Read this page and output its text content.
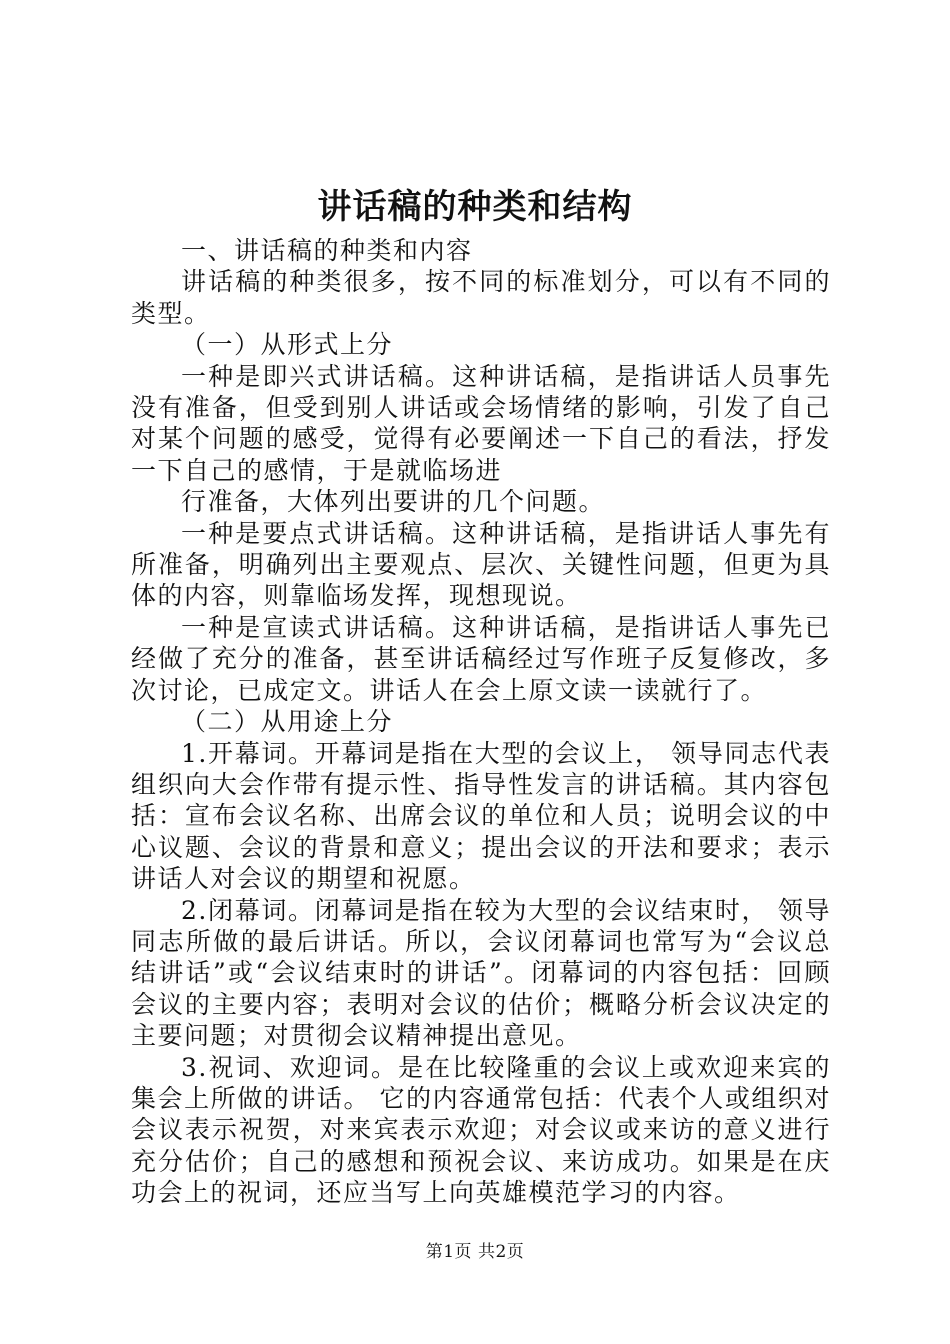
讲话稿的种类和结构

一、讲话稿的种类和内容

讲话稿的种类很多，按不同的标准划分，可以有不同的类型。

（一）从形式上分

一种是即兴式讲话稿。这种讲话稿，是指讲话人员事先没有准备，但受到别人讲话或会场情绪的影响，引发了自己对某个问题的感受，觉得有必要阐述一下自己的看法，抒发一下自己的感情，于是就临场进

行准备，大体列出要讲的几个问题。

一种是要点式讲话稿。这种讲话稿，是指讲话人事先有所准备，明确列出主要观点、层次、关键性问题，但更为具体的内容，则靠临场发挥，现想现说。

一种是宣读式讲话稿。这种讲话稿，是指讲话人事先已经做了充分的准备，甚至讲话稿经过写作班子反复修改，多次讨论，已成定文。讲话人在会上原文读一读就行了。

（二）从用途上分

1.开幕词。开幕词是指在大型的会议上， 领导同志代表组织向大会作带有提示性、指导性发言的讲话稿。其内容包括：宣布会议名称、出席会议的单位和人员；说明会议的中心议题、会议的背景和意义；提出会议的开法和要求；表示讲话人对会议的期望和祝愿。

2.闭幕词。闭幕词是指在较为大型的会议结束时， 领导同志所做的最后讲话。所以，会议闭幕词也常写为“会议总结讲话”或“会议结束时的讲话”。闭幕词的内容包括：回顾会议的主要内容；表明对会议的估价；概略分析会议决定的主要问题；对贯彻会议精神提出意见。

3.祝词、欢迎词。是在比较隆重的会议上或欢迎来宾的集会上所做的讲话。 它的内容通常包括：代表个人或组织对会议表示祝贺，对来宾表示欢迎；对会议或来访的意义进行充分估价；自己的感想和预祝会议、来访成功。如果是在庆功会上的祝词，还应当写上向英雄模范学习的内容。

第1页 共2页
